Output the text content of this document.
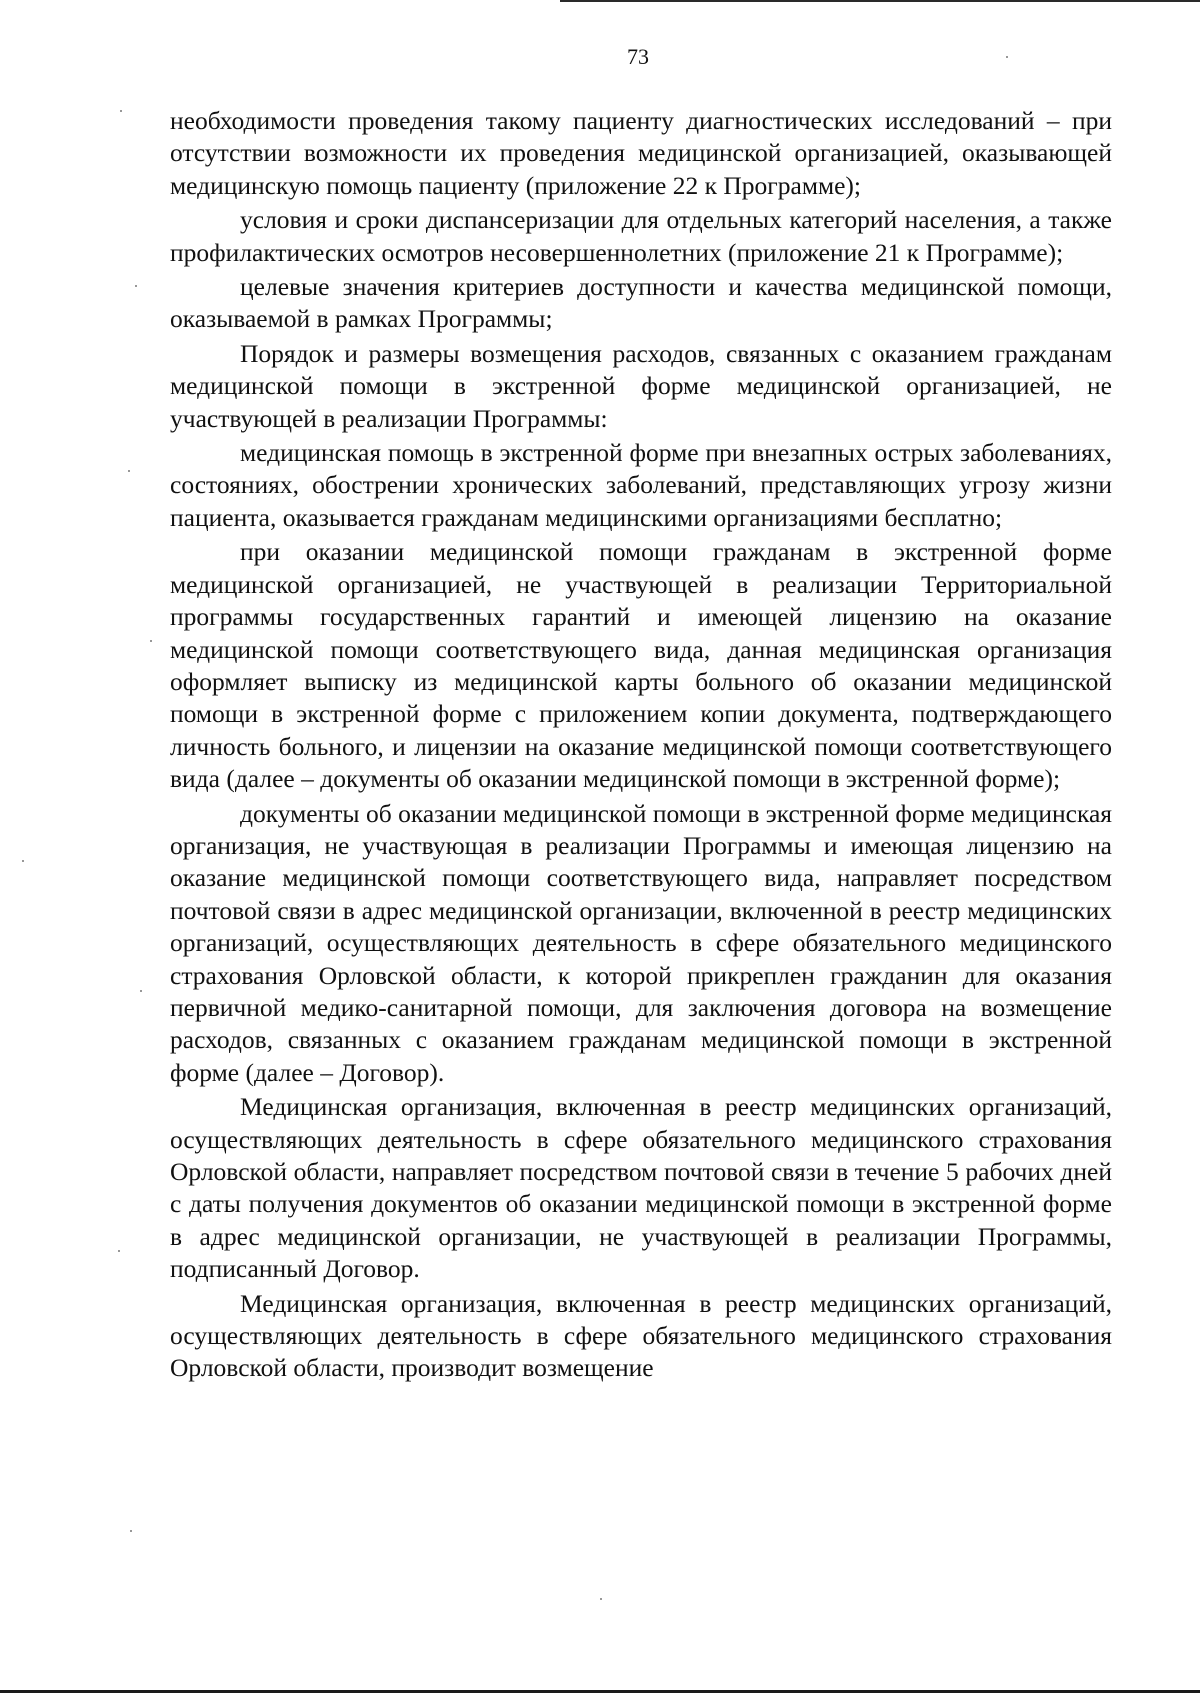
73

необходимости проведения такому пациенту диагностических исследований – при отсутствии возможности их проведения медицинской организацией, оказывающей медицинскую помощь пациенту (приложение 22 к Программе);

условия и сроки диспансеризации для отдельных категорий населения, а также профилактических осмотров несовершеннолетних (приложение 21 к Программе);

целевые значения критериев доступности и качества медицинской помощи, оказываемой в рамках Программы;

Порядок и размеры возмещения расходов, связанных с оказанием гражданам медицинской помощи в экстренной форме медицинской организацией, не участвующей в реализации Программы:

медицинская помощь в экстренной форме при внезапных острых заболеваниях, состояниях, обострении хронических заболеваний, представляющих угрозу жизни пациента, оказывается гражданам медицинскими организациями бесплатно;

при оказании медицинской помощи гражданам в экстренной форме медицинской организацией, не участвующей в реализации Территориальной программы государственных гарантий и имеющей лицензию на оказание медицинской помощи соответствующего вида, данная медицинская организация оформляет выписку из медицинской карты больного об оказании медицинской помощи в экстренной форме с приложением копии документа, подтверждающего личность больного, и лицензии на оказание медицинской помощи соответствующего вида (далее – документы об оказании медицинской помощи в экстренной форме);

документы об оказании медицинской помощи в экстренной форме медицинская организация, не участвующая в реализации Программы и имеющая лицензию на оказание медицинской помощи соответствующего вида, направляет посредством почтовой связи в адрес медицинской организации, включенной в реестр медицинских организаций, осуществляющих деятельность в сфере обязательного медицинского страхования Орловской области, к которой прикреплен гражданин для оказания первичной медико-санитарной помощи, для заключения договора на возмещение расходов, связанных с оказанием гражданам медицинской помощи в экстренной форме (далее – Договор).

Медицинская организация, включенная в реестр медицинских организаций, осуществляющих деятельность в сфере обязательного медицинского страхования Орловской области, направляет посредством почтовой связи в течение 5 рабочих дней с даты получения документов об оказании медицинской помощи в экстренной форме в адрес медицинской организации, не участвующей в реализации Программы, подписанный Договор.

Медицинская организация, включенная в реестр медицинских организаций, осуществляющих деятельность в сфере обязательного медицинского страхования Орловской области, производит возмещение
